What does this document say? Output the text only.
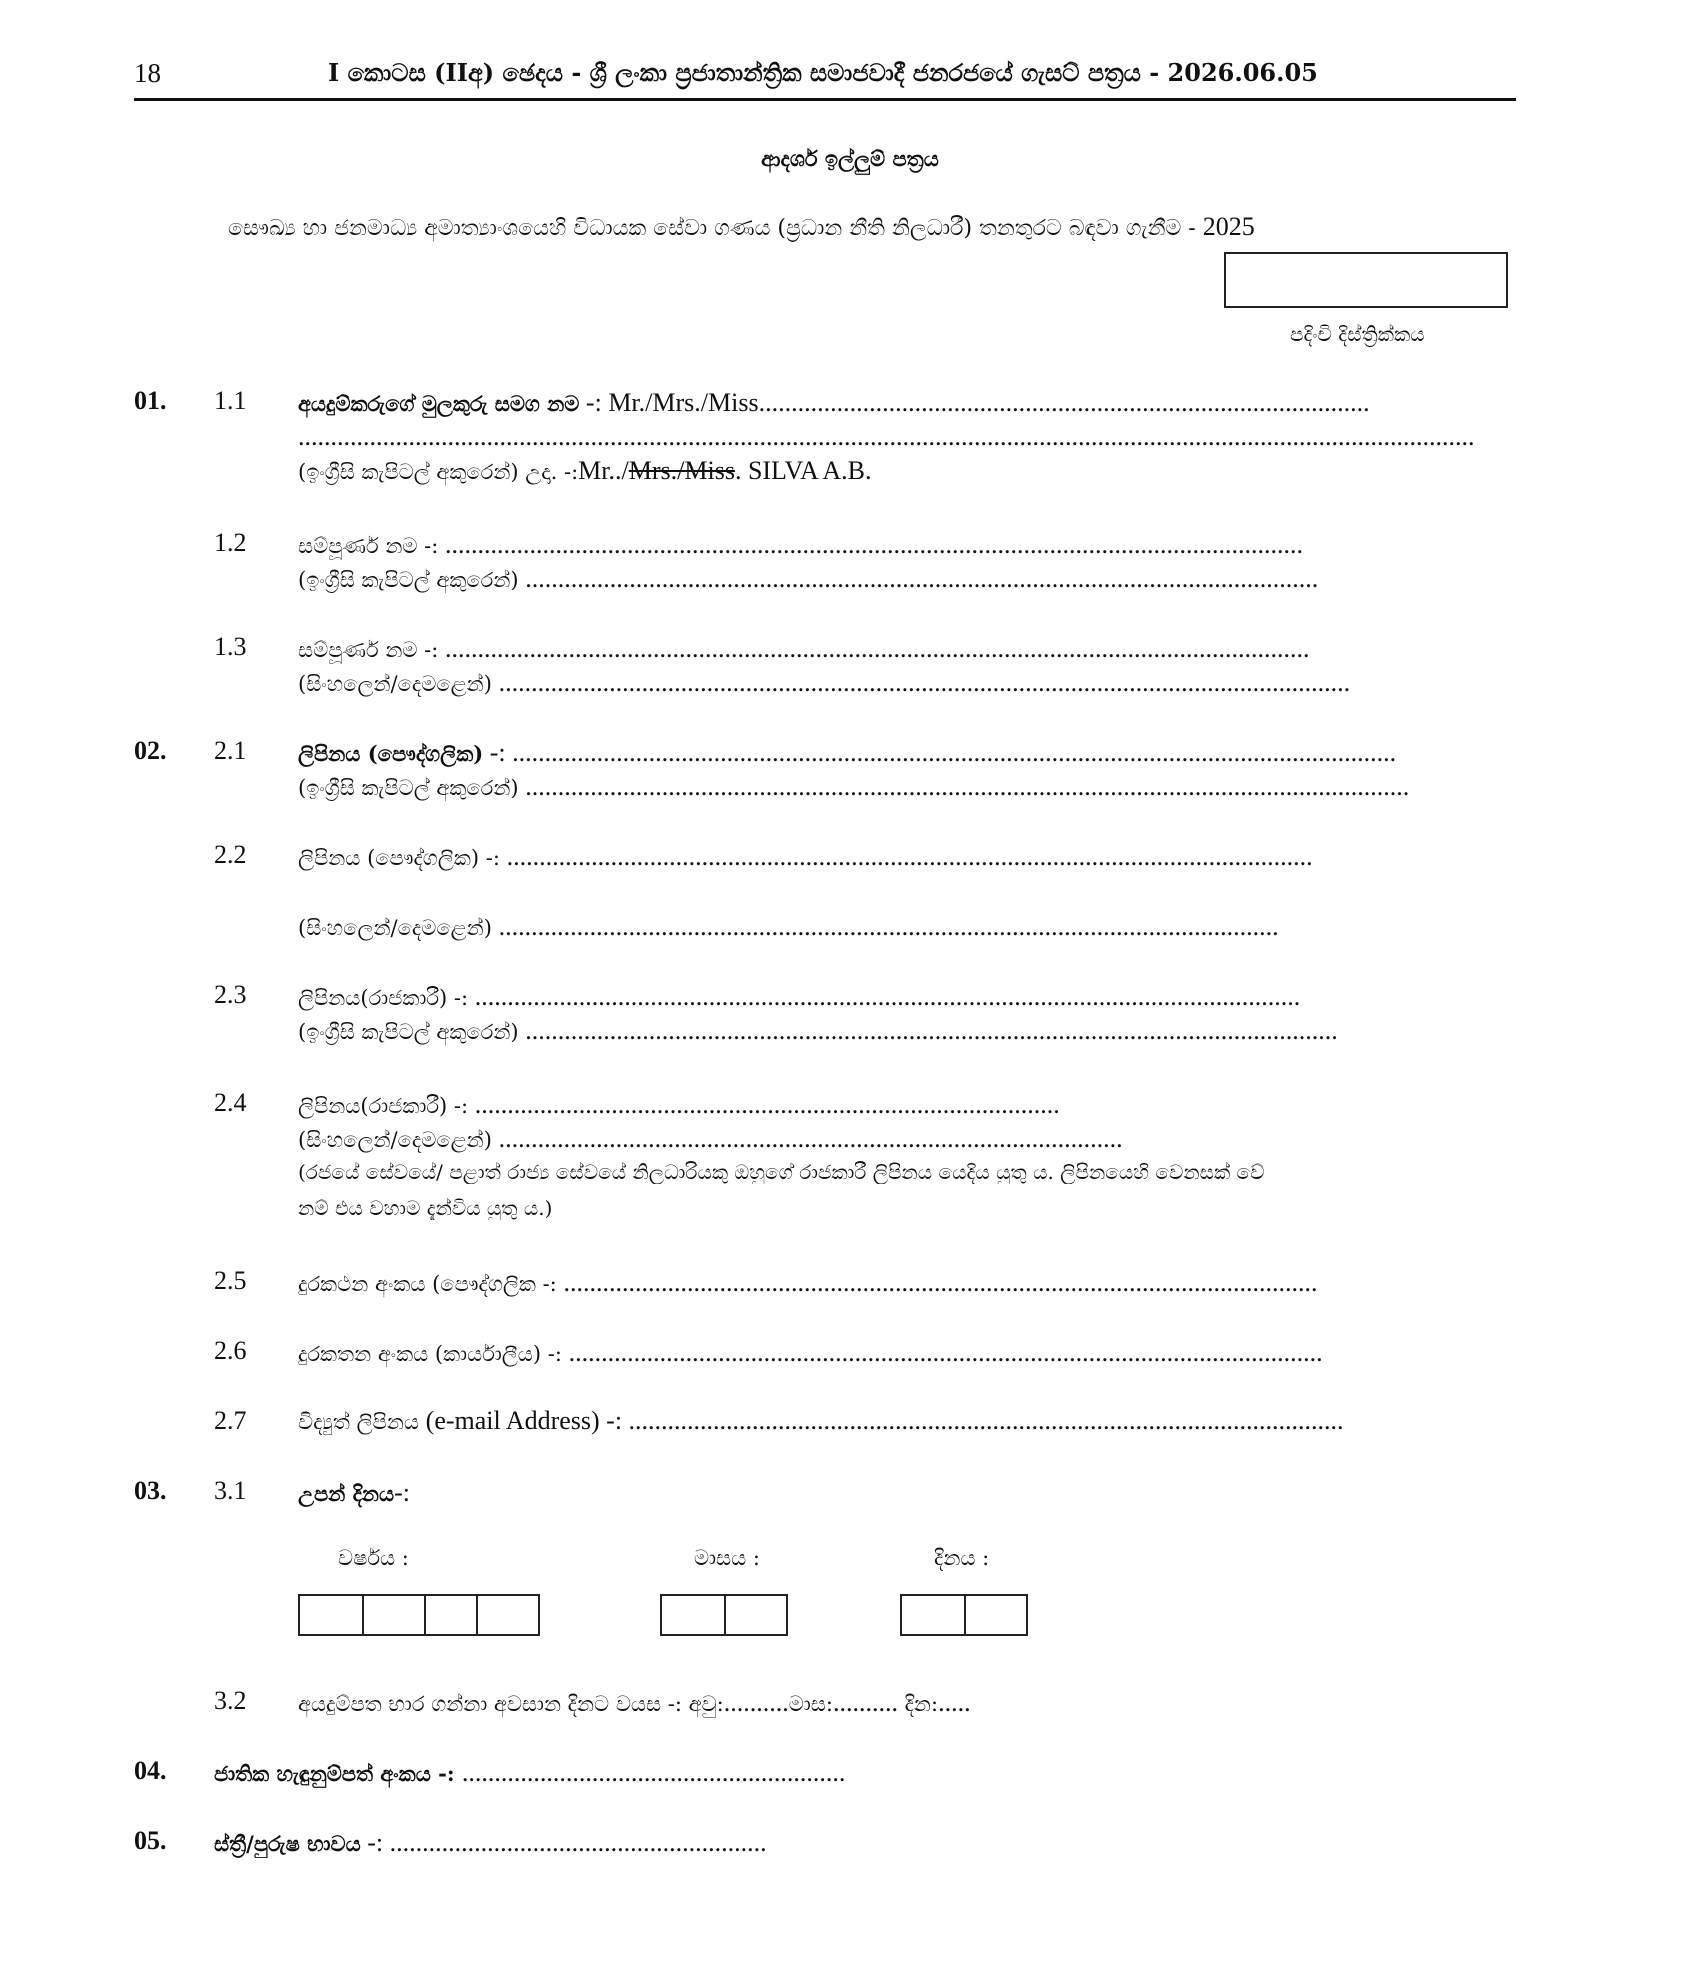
18	I කොටස (IIඅ) ඡෙදය - ශ්‍රී ලංකා ප්‍රජාතාන්ත්‍රික සමාජවාදී ජනරජයේ ගැසට් පත්‍රය - 2026.06.05
ආදර්ශ ඉල්ලුම් පත්‍රය
සෞඛ්‍ය හා ජනමාධ්‍ය අමාත්‍යාංශයෙහි විධායක සේවා ගණය (ප්‍රධාන නීති නිලධාරී) තනතුරට බඳවා ගැනීම - 2025
පදිංචි දිස්ත්‍රික්කය
01. 1.1 අයදුම්කරුගේ මුලකුරු සමග නම -: Mr./Mrs./Miss..............................................................................................
.....................................................................................................................................................................................
(ඉංග්‍රීසි කැපිටල් අකුරෙන්) උදා. -:Mr../Mrs./Miss. SILVA A.B.
1.2 සම්පූර්ණ නම -: ....................................................................................................................................
(ඉංග්‍රීසි කැපිටල් අකුරෙන්) ..........................................................................................................................
1.3 සම්පූර්ණ නම -: .....................................................................................................................................
(සිංහලෙන්/දෙමළෙන්) ...................................................................................................................................
02. 2.1 ලිපිනය (පෞද්ගලික) -: ........................................................................................................................................
(ඉංග්‍රීසි කැපිටල් අකුරෙන්) ........................................................................................................................................
2.2 ලිපිනය (පෞද්ගලික) -: ............................................................................................................................
(සිංහලෙන්/දෙමළෙන්) ........................................................................................................................
2.3 ලිපිනය(රාජකාරී) -: ...............................................................................................................................
(ඉංග්‍රීසි කැපිටල් අකුරෙන්) .............................................................................................................................
2.4 ලිපිනය(රාජකාරී) -: ..........................................................................................
(සිංහලෙන්/දෙමළෙන්) ................................................................................................
(රජයේ සේවයේ/ පළාත් රාජ්‍ය සේවයේ නිලධාරියකු ඔහුගේ රාජකාරී ලිපිනය යෙදිය යුතු ය. ලිපිනයෙහි වෙනසක් වේ
නම් එය වහාම දැන්විය යුතු ය.)
2.5 දුරකථන අංකය (පෞද්ගලික -: ....................................................................................................................
2.6 දුරකතන අංකය (කාර්යාලීය) -: ....................................................................................................................
2.7 විද්‍යුත් ලිපිනය (e-mail Address) -: ..............................................................................................................
03. 3.1 උපන් දිනය-:
වර්ෂය :	මාසය :	දිනය :
3.2 අයදුම්පත භාර ගන්නා අවසාන දිනට වයස -: අවු:..........මාස:.......... දින:.....
04. ජාතික හැඳුනුම්පත් අංකය -: ...........................................................
05. ස්ත්‍රී/පුරුෂ භාවය -: ..........................................................
